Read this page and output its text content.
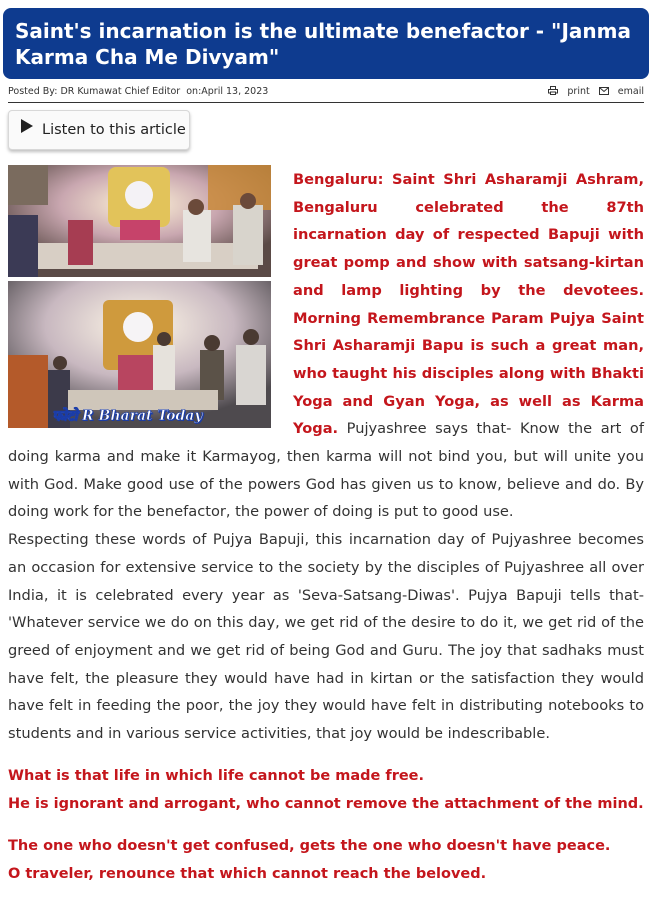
Saint's incarnation is the ultimate benefactor - "Janma Karma Cha Me Divyam"
Posted By: DR Kumawat Chief Editor on:April 13, 2023	print	email
Listen to this article
फोटो R Bharat Today

Bengaluru: Saint Shri Asharamji Ashram, Bengaluru celebrated the 87th incarnation day of respected Bapuji with great pomp and show with satsang-kirtan and lamp lighting by the devotees. Morning Remembrance Param Pujya Saint Shri Asharamji Bapu is such a great man, who taught his disciples along with Bhakti Yoga and Gyan Yoga, as well as Karma Yoga. Pujyashree says that- Know the art of doing karma and make it Karmayog, then karma will not bind you, but will unite you with God. Make good use of the powers God has given us to know, believe and do. By doing work for the benefactor, the power of doing is put to good use.

Respecting these words of Pujya Bapuji, this incarnation day of Pujyashree becomes an occasion for extensive service to the society by the disciples of Pujyashree all over India, it is celebrated every year as 'Seva-Satsang-Diwas'. Pujya Bapuji tells that- 'Whatever service we do on this day, we get rid of the desire to do it, we get rid of the greed of enjoyment and we get rid of being God and Guru. The joy that sadhaks must have felt, the pleasure they would have had in kirtan or the satisfaction they would have felt in feeding the poor, the joy they would have felt in distributing notebooks to students and in various service activities, that joy would be indescribable.

What is that life in which life cannot be made free.
He is ignorant and arrogant, who cannot remove the attachment of the mind.
The one who doesn't get confused, gets the one who doesn't have peace.
O traveler, renounce that which cannot reach the beloved.
